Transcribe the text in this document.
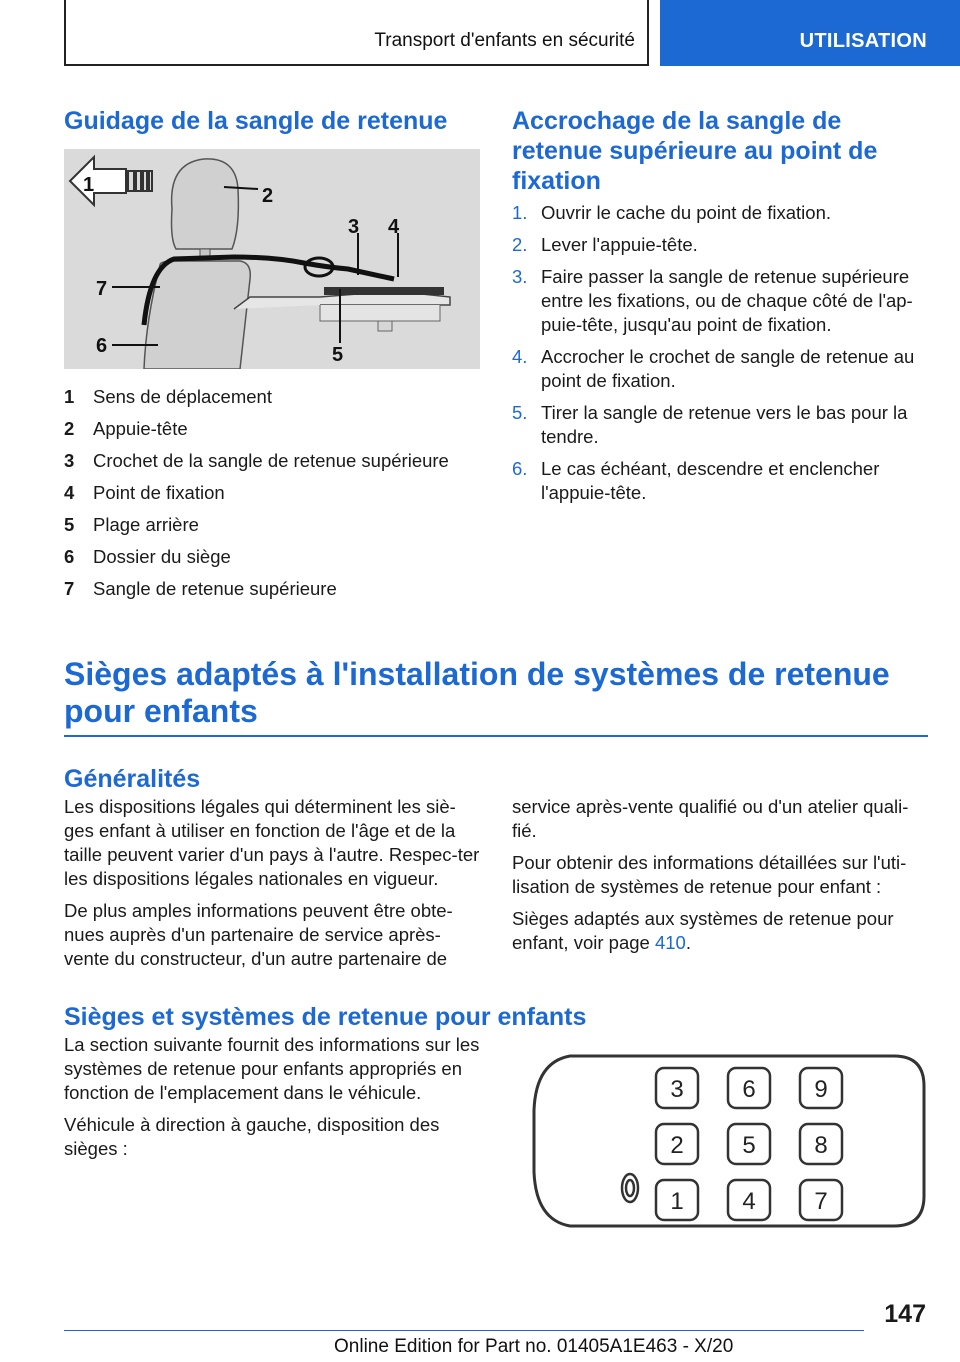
Transport d'enfants en sécurité	UTILISATION
Guidage de la sangle de retenue
1	2
3 4
5
6
7
1	Sens de déplacement
2	Appuie-tête
3	Crochet de la sangle de retenue supérieure
4	Point de fixation
5	Plage arrière
6	Dossier du siège
7	Sangle de retenue supérieure
Accrochage de la sangle de retenue supérieure au point de fixation
1. Ouvrir le cache du point de fixation.
2. Lever l'appuie-tête.
3. Faire passer la sangle de retenue supérieure entre les fixations, ou de chaque côté de l'ap-puie-tête, jusqu'au point de fixation.
4. Accrocher le crochet de sangle de retenue au point de fixation.
5. Tirer la sangle de retenue vers le bas pour la tendre.
6. Le cas échéant, descendre et enclencher l'appuie-tête.
Sièges adaptés à l'installation de systèmes de retenue pour enfants
Généralités

Les dispositions légales qui déterminent les siè-ges enfant à utiliser en fonction de l'âge et de la taille peuvent varier d'un pays à l'autre. Respec-ter les dispositions légales nationales en vigueur.

De plus amples informations peuvent être obte-nues auprès d'un partenaire de service après-vente du constructeur, d'un autre partenaire de

service après-vente qualifié ou d'un atelier quali-fié.

Pour obtenir des informations détaillées sur l'uti-lisation de systèmes de retenue pour enfant :

Sièges adaptés aux systèmes de retenue pour enfant, voir page 410.

Sièges et systèmes de retenue pour enfants

La section suivante fournit des informations sur les systèmes de retenue pour enfants appropriés en fonction de l'emplacement dans le véhicule.

Véhicule à direction à gauche, disposition des sièges :

3 6 9
2 5 8
1 4 7
147
Online Edition for Part no. 01405A1E463 - X/20
